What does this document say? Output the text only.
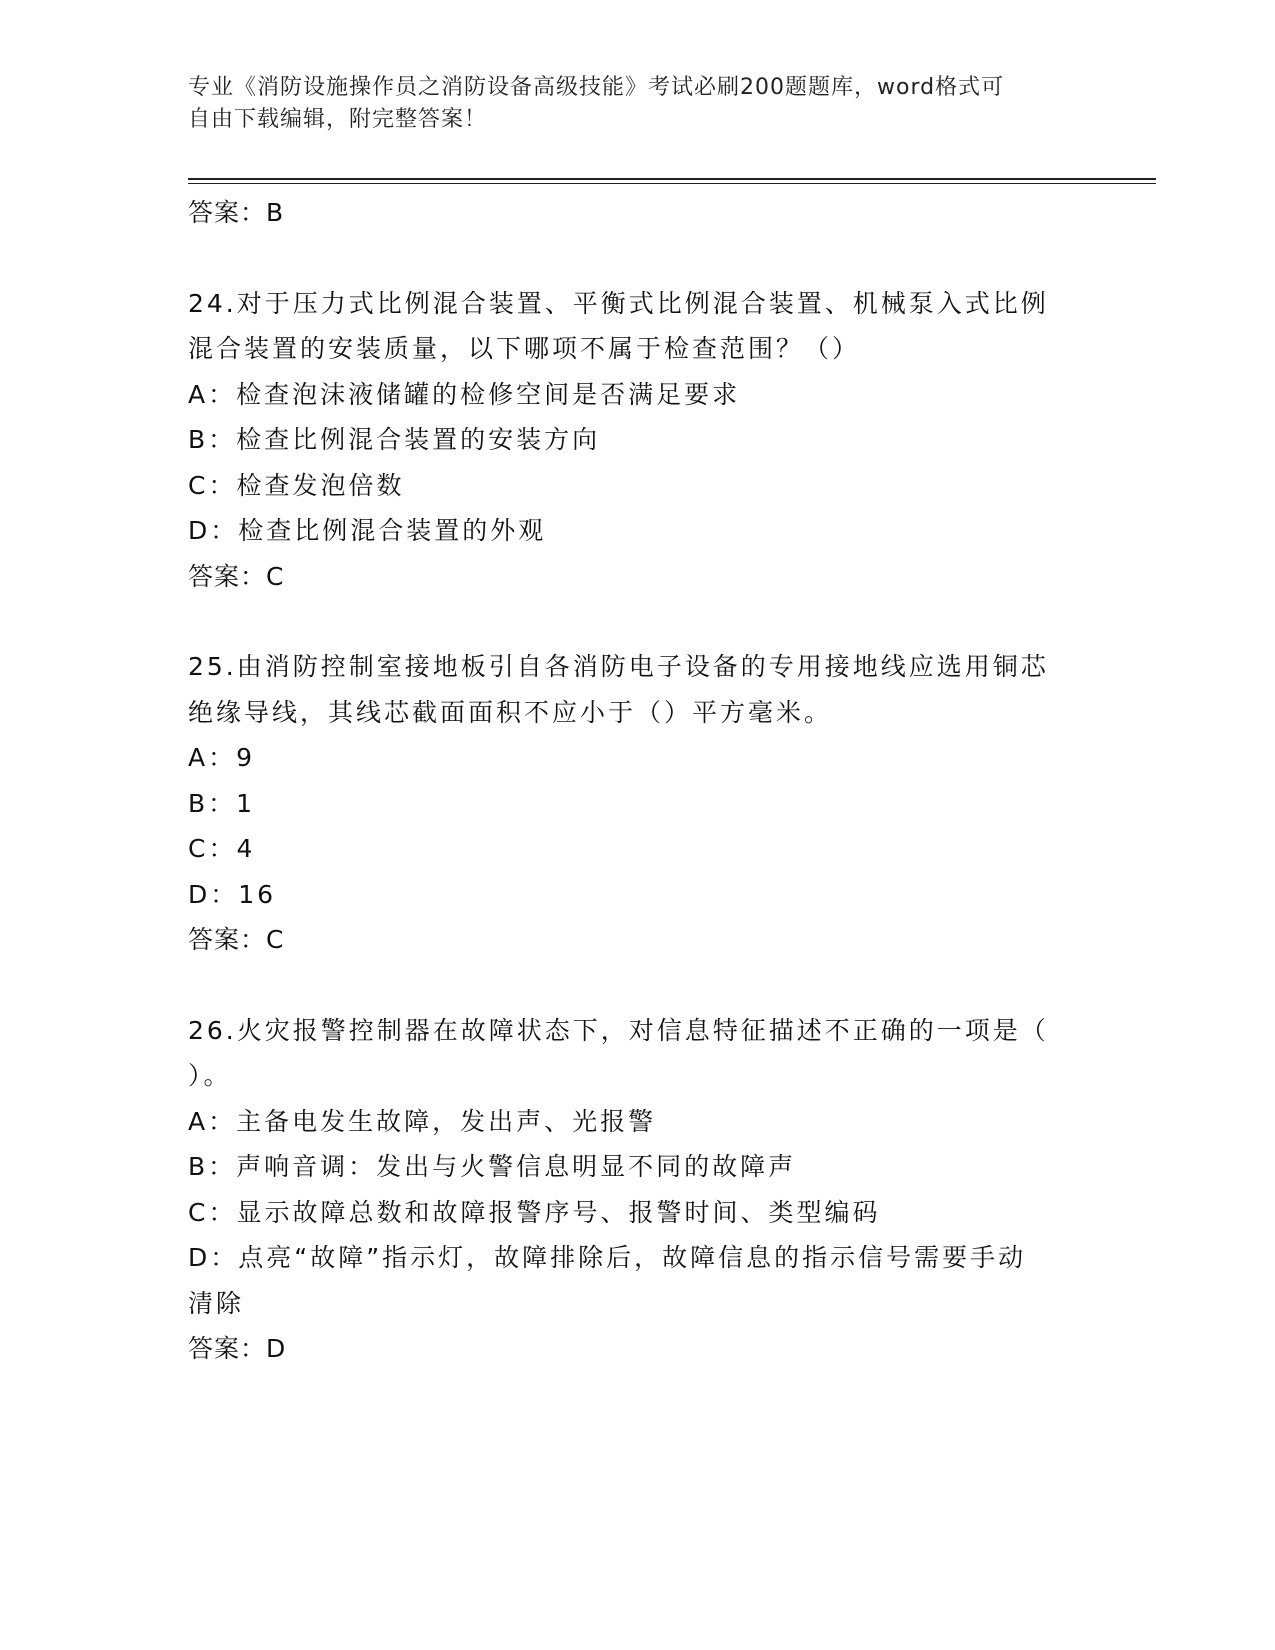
专业《消防设施操作员之消防设备高级技能》考试必刷200题题库，word格式可
自由下载编辑，附完整答案！
答案：B
24.对于压力式比例混合装置、平衡式比例混合装置、机械泵入式比例
混合装置的安装质量，以下哪项不属于检查范围？（）
A：检查泡沫液储罐的检修空间是否满足要求
B：检查比例混合装置的安装方向
C：检查发泡倍数
D：检查比例混合装置的外观
答案：C
25.由消防控制室接地板引自各消防电子设备的专用接地线应选用铜芯
绝缘导线，其线芯截面面积不应小于（）平方毫米。
A：9
B：1
C：4
D：16
答案：C
26.火灾报警控制器在故障状态下，对信息特征描述不正确的一项是（
）。
A：主备电发生故障，发出声、光报警
B：声响音调：发出与火警信息明显不同的故障声
C：显示故障总数和故障报警序号、报警时间、类型编码
D：点亮“故障”指示灯，故障排除后，故障信息的指示信号需要手动
清除
答案：D
